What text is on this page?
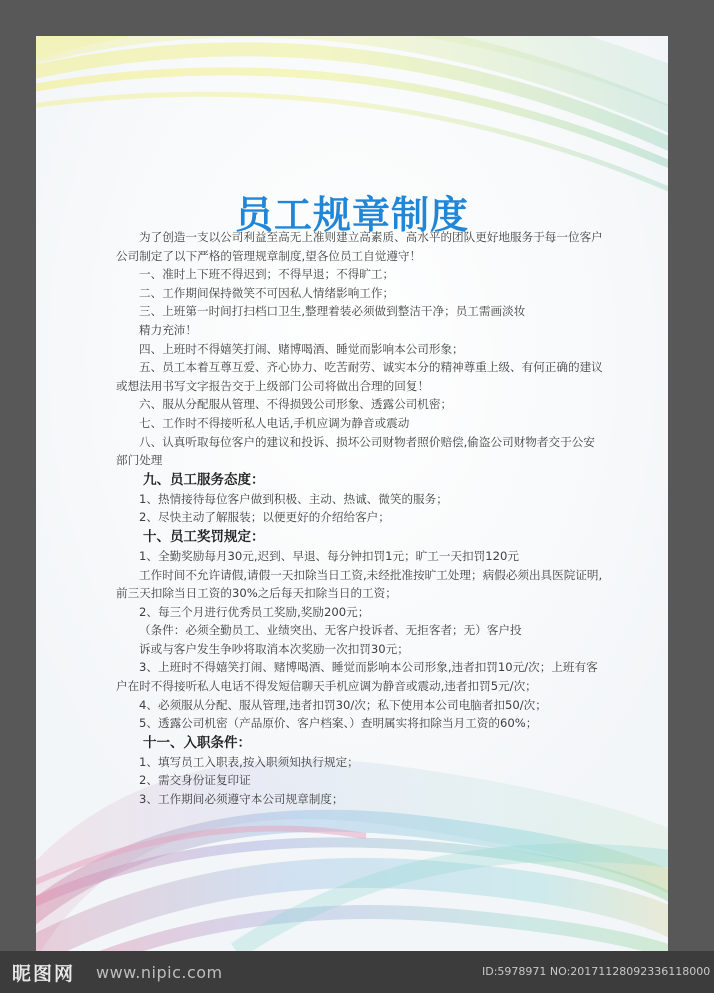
员工规章制度

为了创造一支以公司利益至高无上准则建立高素质、高水平的团队更好地服务于每一位客户公司制定了以下严格的管理规章制度,望各位员工自觉遵守！

一、准时上下班不得迟到；不得早退；不得旷工；

二、工作期间保持微笑不可因私人情绪影响工作；

三、上班第一时间打扫档口卫生,整理着装必须做到整洁干净；员工需画淡妆

精力充沛！

四、上班时不得嬉笑打闹、赌博喝酒、睡觉而影响本公司形象；

五、员工本着互尊互爱、齐心协力、吃苦耐劳、诚实本分的精神尊重上级、有何正确的建议或想法用书写文字报告交于上级部门公司将做出合理的回复！

六、服从分配服从管理、不得损毁公司形象、透露公司机密；

七、工作时不得接听私人电话,手机应调为静音或震动

八、认真听取每位客户的建议和投诉、损坏公司财物者照价赔偿,偷盗公司财物者交于公安部门处理

九、员工服务态度：

1、热情接待每位客户做到积极、主动、热诚、微笑的服务；

2、尽快主动了解服装；以便更好的介绍给客户；

十、员工奖罚规定：

1、全勤奖励每月30元,迟到、早退、每分钟扣罚1元；旷工一天扣罚120元

工作时间不允许请假,请假一天扣除当日工资,未经批准按旷工处理；病假必须出具医院证明,前三天扣除当日工资的30%之后每天扣除当日的工资；

2、每三个月进行优秀员工奖励,奖励200元；

（条件：必须全勤员工、业绩突出、无客户投诉者、无拒客者；无）客户投

诉或与客户发生争吵将取消本次奖励一次扣罚30元；

3、上班时不得嬉笑打闹、赌博喝酒、睡觉而影响本公司形象,违者扣罚10元/次；上班有客户在时不得接听私人电话不得发短信聊天手机应调为静音或震动,违者扣罚5元/次；

4、必须服从分配、服从管理,违者扣罚30/次；私下使用本公司电脑者扣50/次；

5、透露公司机密（产品原价、客户档案、）查明属实将扣除当月工资的60%；

十一、入职条件：

1、填写员工入职表,按入职须知执行规定；

2、需交身份证复印证

3、工作期间必须遵守本公司规章制度；

昵图网 www.nipic.com	ID:5978971 NO:20171128092336118000
